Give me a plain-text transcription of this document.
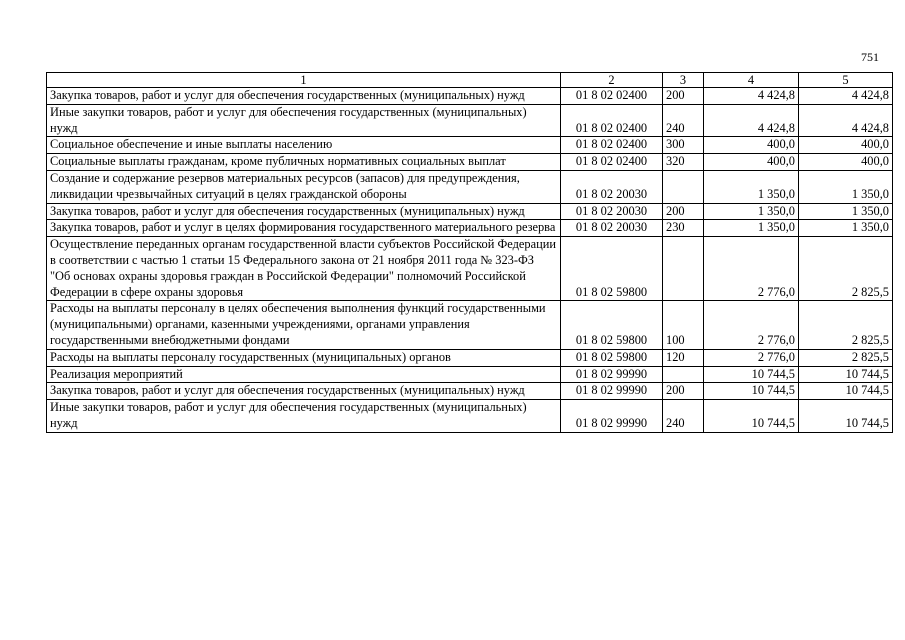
751
1	2	3	4	5
Закупка товаров, работ и услуг для обеспечения государственных (муниципальных) нужд	01 8 02 02400	200	4 424,8	4 424,8
Иные закупки товаров, работ и услуг для обеспечения государственных (муниципальных) нужд	01 8 02 02400	240	4 424,8	4 424,8
Социальное обеспечение и иные выплаты населению	01 8 02 02400	300	400,0	400,0
Социальные выплаты гражданам, кроме публичных нормативных социальных выплат	01 8 02 02400	320	400,0	400,0
Создание и содержание резервов материальных ресурсов (запасов) для предупреждения, ликвидации чрезвычайных ситуаций в целях гражданской обороны	01 8 02 20030		1 350,0	1 350,0
Закупка товаров, работ и услуг для обеспечения государственных (муниципальных) нужд	01 8 02 20030	200	1 350,0	1 350,0
Закупка товаров, работ и услуг в целях формирования государственного материального резерва	01 8 02 20030	230	1 350,0	1 350,0
Осуществление переданных органам государственной власти субъектов Российской Федерации в соответствии с частью 1 статьи 15 Федерального закона от 21 ноября 2011 года № 323-ФЗ "Об основах охраны здоровья граждан в Российской Федерации" полномочий Российской Федерации в сфере охраны здоровья	01 8 02 59800		2 776,0	2 825,5
Расходы на выплаты персоналу в целях обеспечения выполнения функций государственными (муниципальными) органами, казенными учреждениями, органами управления государственными внебюджетными фондами	01 8 02 59800	100	2 776,0	2 825,5
Расходы на выплаты персоналу государственных (муниципальных) органов	01 8 02 59800	120	2 776,0	2 825,5
Реализация мероприятий	01 8 02 99990		10 744,5	10 744,5
Закупка товаров, работ и услуг для обеспечения государственных (муниципальных) нужд	01 8 02 99990	200	10 744,5	10 744,5
Иные закупки товаров, работ и услуг для обеспечения государственных (муниципальных) нужд	01 8 02 99990	240	10 744,5	10 744,5
